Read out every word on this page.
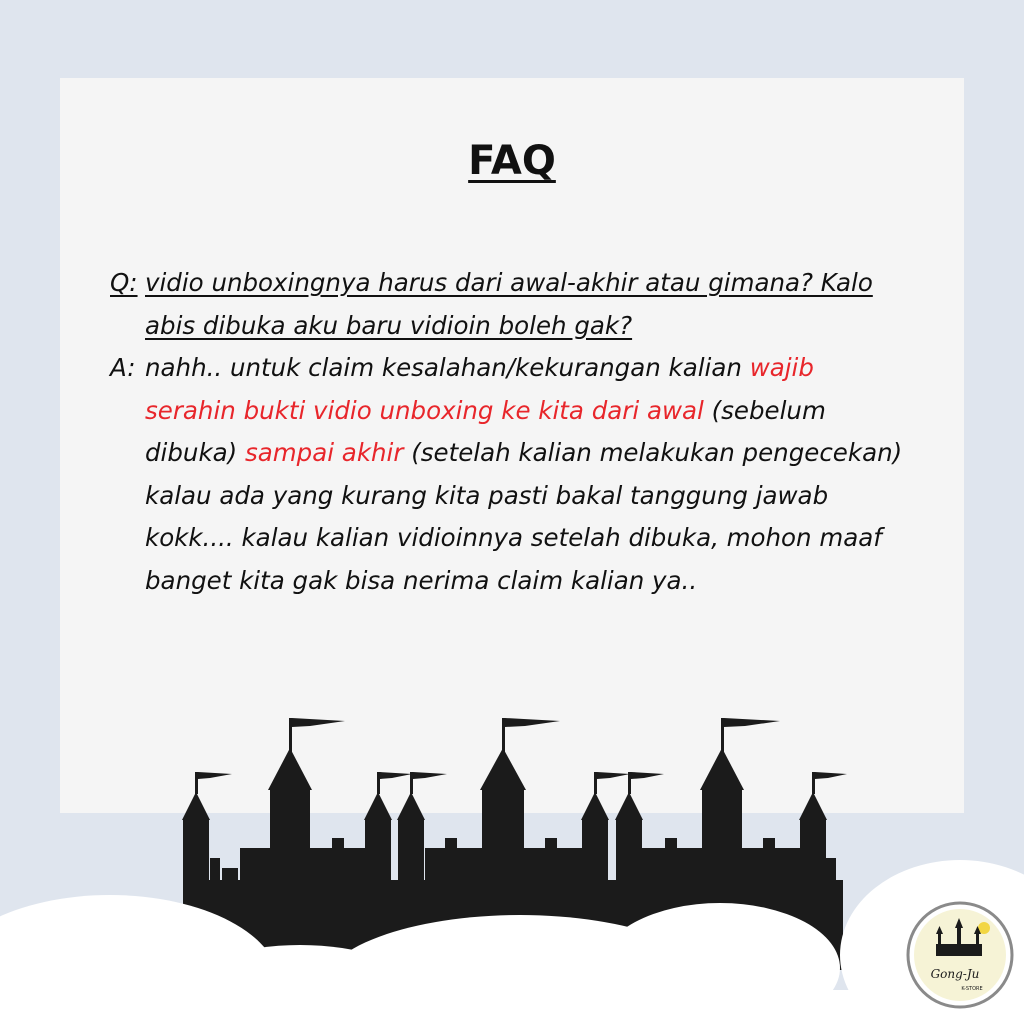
FAQ
Q: vidio unboxingnya harus dari awal-akhir atau gimana? Kalo abis dibuka aku baru vidioin boleh gak?
A: nahh.. untuk claim kesalahan/kekurangan kalian wajib serahin bukti vidio unboxing ke kita dari awal (sebelum dibuka) sampai akhir (setelah kalian melakukan pengecekan) kalau ada yang kurang kita pasti bakal tanggung jawab kokk.... kalau kalian vidioinnya setelah dibuka, mohon maaf banget kita gak bisa nerima claim kalian ya..
Gong-Ju
K-STORE
